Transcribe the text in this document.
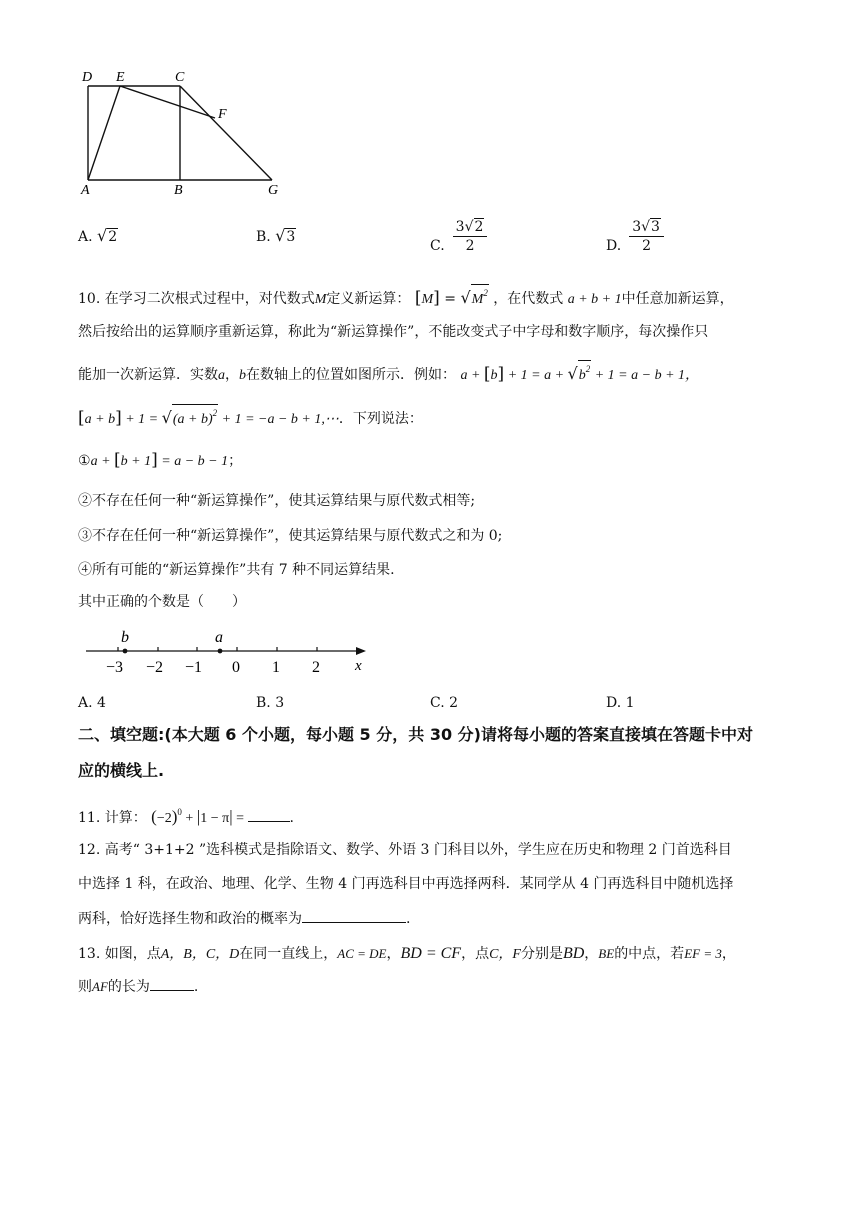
D E	C
F
A	B	G
A. √2	B. √3
C. $\frac{3√2}{2}$	D. $\frac{3√3}{2}$
10. 在学习二次根式过程中，对代数式M定义新运算： $[M] = √M^2$ ，在代数式 a + b + 1中任意加新运算，
然后按给出的运算顺序重新运算，称此为“新运算操作”，不能改变式子中字母和数字顺序，每次操作只
能加一次新运算．实数a，b在数轴上的位置如图所示．例如： $a + [b] + 1 = a + √b^2 + 1 = a - b + 1$，
$[a + b] + 1 = √(a + b)^2 + 1 = -a - b$ + 1,⋯．下列说法：
①a + [b + 1] = a − b − 1；
②不存在任何一种“新运算操作”，使其运算结果与原代数式相等;
③不存在任何一种“新运算操作”，使其运算结果与原代数式之和为 0;
④所有可能的“新运算操作”共有 7 种不同运算结果.
其中正确的个数是（　　）
b	a
−3 −2 −1 0 1 2 x
A. 4	B. 3	C. 2	D. 1
二、填空题:(本大题 6 个小题，每小题 5 分，共 30 分)请将每小题的答案直接填在答题卡中对
应的横线上.
11. 计算： $(-2)^0 + |1 - \pi|$ =	.
12. 高考“ 3+1+2 ”选科模式是指除语文、数学、外语 3 门科目以外，学生应在历史和物理 2 门首选科目
中选择 1 科，在政治、地理、化学、生物 4 门再选科目中再选择两科．某同学从 4 门再选科目中随机选择
两科，恰好选择生物和政治的概率为	.
13. 如图，点A，B，C，D在同一直线上，AC = DE，BD = CF，点C，F分别是BD，BE的中点，若EF = 3，
则AF的长为	.
